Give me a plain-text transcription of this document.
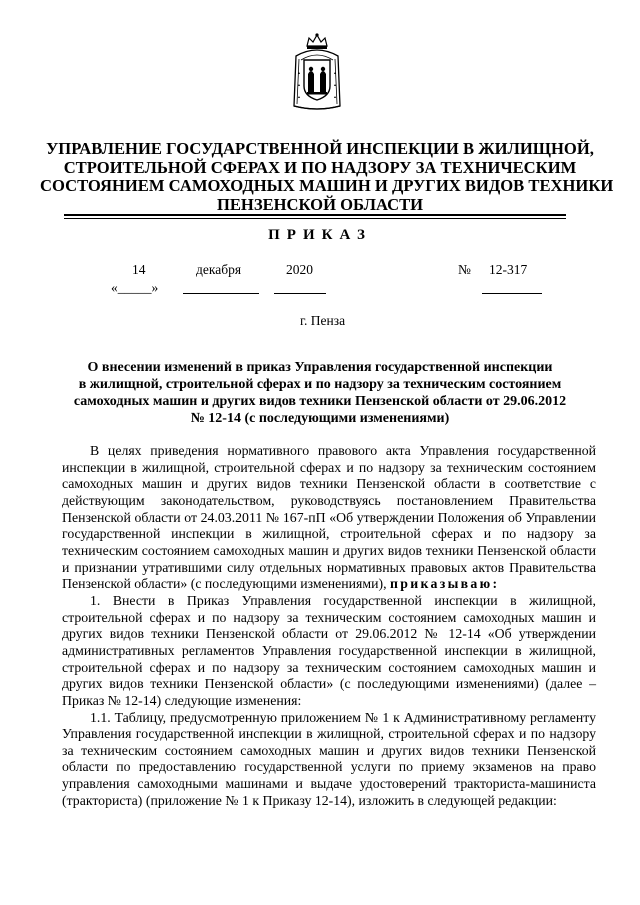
УПРАВЛЕНИЕ ГОСУДАРСТВЕННОЙ ИНСПЕКЦИИ В ЖИЛИЩНОЙ,
СТРОИТЕЛЬНОЙ СФЕРАХ И ПО НАДЗОРУ ЗА ТЕХНИЧЕСКИМ
СОСТОЯНИЕМ САМОХОДНЫХ МАШИН И ДРУГИХ ВИДОВ ТЕХНИКИ
ПЕНЗЕНСКОЙ ОБЛАСТИ
ПРИКАЗ
14
«_____»
декабря	2020	№ 12-317
г. Пенза
О внесении изменений в приказ Управления государственной инспекции
в жилищной, строительной сферах и по надзору за техническим состоянием
самоходных машин и других видов техники Пензенской области от 29.06.2012
№ 12-14 (с последующими изменениями)

В целях приведения нормативного правового акта Управления государственной инспекции в жилищной, строительной сферах и по надзору за техническим состоянием самоходных машин и других видов техники Пензенской области в соответствие с действующим законодательством, руководствуясь постановлением Правительства Пензенской области от 24.03.2011 № 167-пП «Об утверждении Положения об Управлении государственной инспекции в жилищной, строительной сферах и по надзору за техническим состоянием самоходных машин и других видов техники Пензенской области и признании утратившими силу отдельных нормативных правовых актов Правительства Пензенской области» (с последующими изменениями), приказываю:

1. Внести в Приказ Управления государственной инспекции в жилищной, строительной сферах и по надзору за техническим состоянием самоходных машин и других видов техники Пензенской области от 29.06.2012 № 12-14 «Об утверждении административных регламентов Управления государственной инспекции в жилищной, строительной сферах и по надзору за техническим состоянием самоходных машин и других видов техники Пензенской области» (с последующими изменениями) (далее – Приказ № 12-14) следующие изменения:

1.1. Таблицу, предусмотренную приложением № 1 к Административному регламенту Управления государственной инспекции в жилищной, строительной сферах и по надзору за техническим состоянием самоходных машин и других видов техники Пензенской области по предоставлению государственной услуги по приему экзаменов на право управления самоходными машинами и выдаче удостоверений тракториста-машиниста (тракториста) (приложение № 1 к Приказу 12-14), изложить в следующей редакции:
